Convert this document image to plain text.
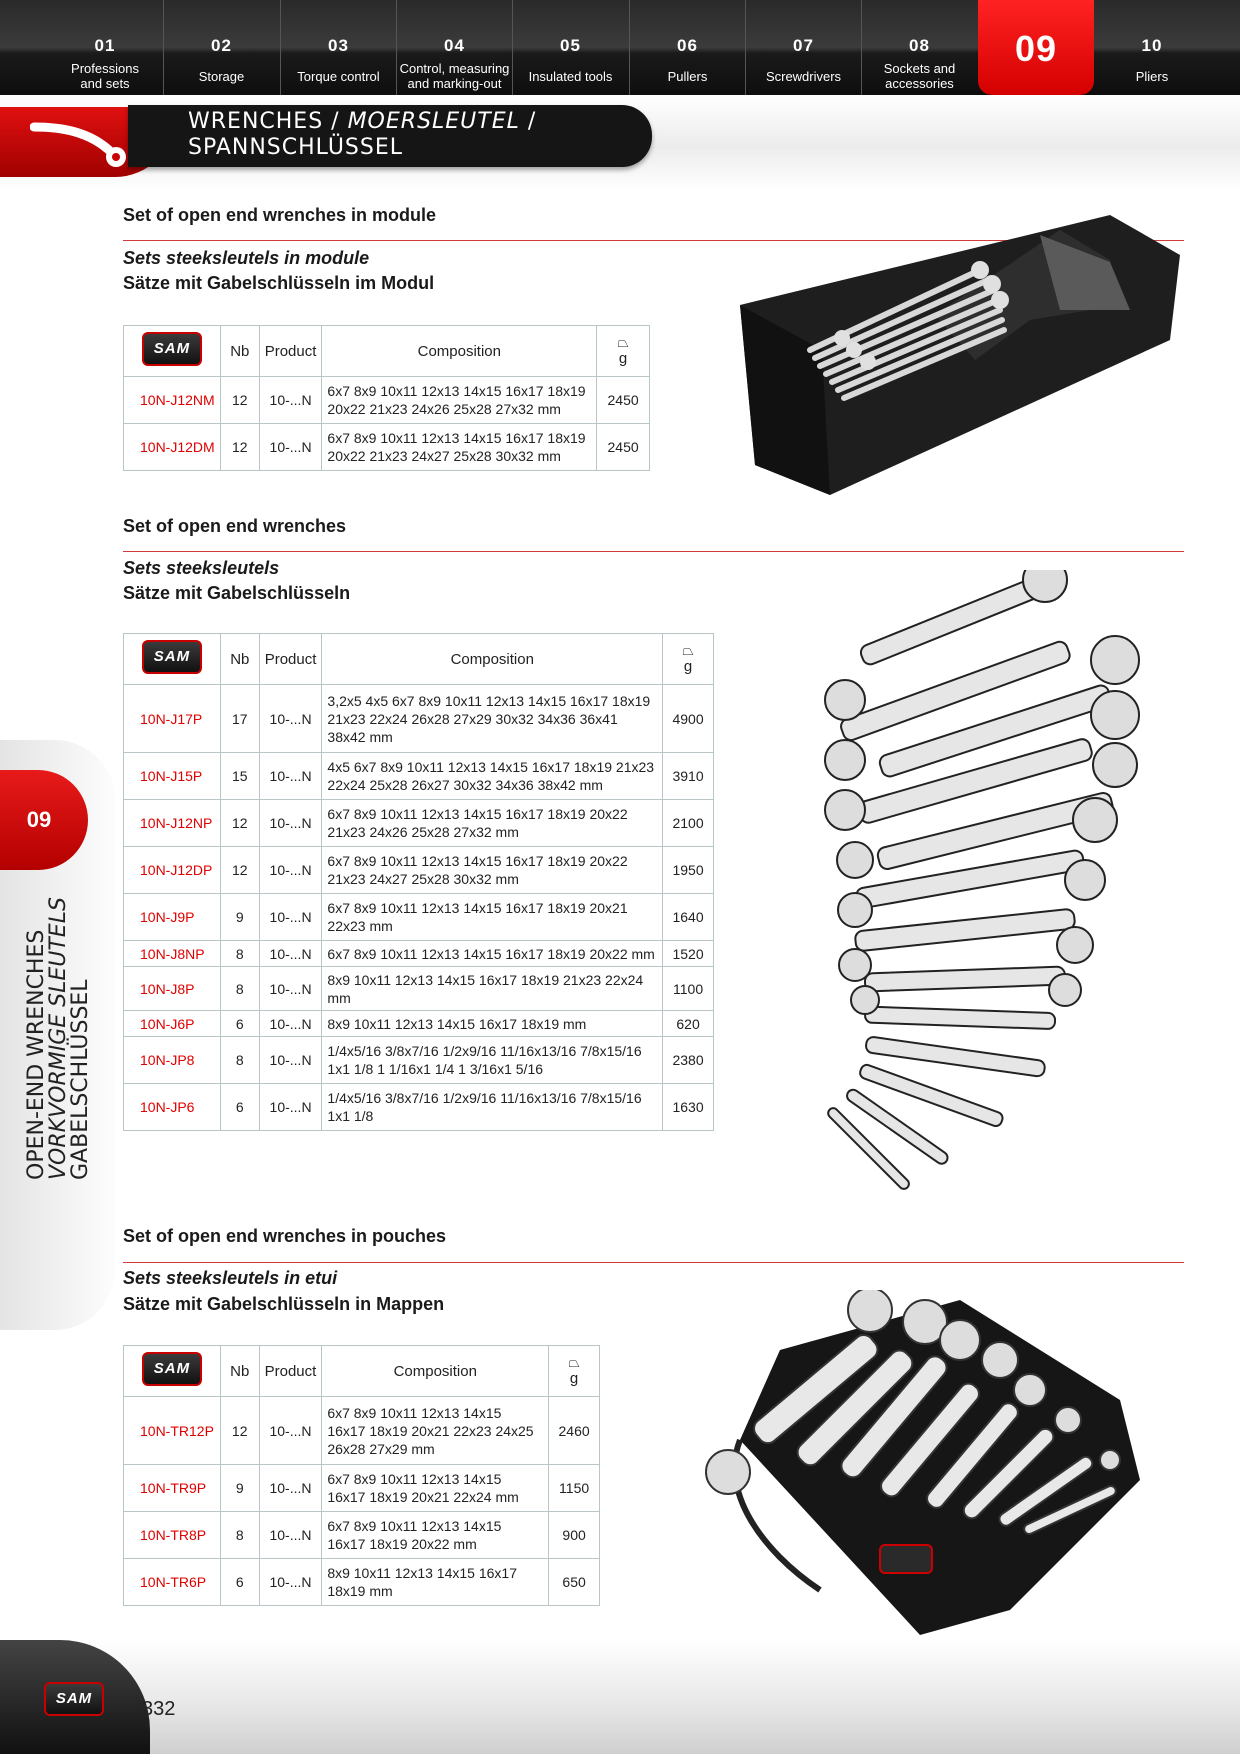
01
Professions
and sets
02
Storage
03
Torque control
04
Control, measuring
and marking-out
05
Insulated tools
06
Pullers
07
Screwdrivers
08
Sockets and
accessories
09	10
Pliers
WRENCHES / MOERSLEUTEL /
SPANNSCHLÜSSEL
09
OPEN-END WRENCHES
VORKVORMIGE SLEUTELS
GABELSCHLÜSSEL
Set of open end wrenches in module
Sets steeksleutels in module
Sätze mit Gabelschlüsseln im Modul
SAM	Nb	Product	Composition	⏢
g

10N-J12NM	12	10-...N	6x7 8x9 10x11 12x13 14x15 16x17 18x19 20x22 21x23 24x26 25x28 27x32 mm	2450
10N-J12DM	12	10-...N	6x7 8x9 10x11 12x13 14x15 16x17 18x19 20x22 21x23 24x27 25x28 30x32 mm	2450
Set of open end wrenches
Sets steeksleutels
Sätze mit Gabelschlüsseln
SAM	Nb	Product	Composition	⏢
g

10N-J17P	17	10-...N	3,2x5 4x5 6x7 8x9 10x11 12x13 14x15 16x17 18x19 21x23 22x24 26x28 27x29 30x32 34x36 36x41 38x42 mm	4900
10N-J15P	15	10-...N	4x5 6x7 8x9 10x11 12x13 14x15 16x17 18x19 21x23 22x24 25x28 26x27 30x32 34x36 38x42 mm	3910
10N-J12NP	12	10-...N	6x7 8x9 10x11 12x13 14x15 16x17 18x19 20x22 21x23 24x26 25x28 27x32 mm	2100
10N-J12DP	12	10-...N	6x7 8x9 10x11 12x13 14x15 16x17 18x19 20x22 21x23 24x27 25x28 30x32 mm	1950
10N-J9P	9	10-...N	6x7 8x9 10x11 12x13 14x15 16x17 18x19 20x21 22x23 mm	1640
10N-J8NP	8	10-...N	6x7 8x9 10x11 12x13 14x15 16x17 18x19 20x22 mm	1520
10N-J8P	8	10-...N	8x9 10x11 12x13 14x15 16x17 18x19 21x23 22x24 mm	1100
10N-J6P	6	10-...N	8x9 10x11 12x13 14x15 16x17 18x19 mm	620
10N-JP8	8	10-...N	1/4x5/16 3/8x7/16 1/2x9/16 11/16x13/16 7/8x15/16 1x1 1/8 1 1/16x1 1/4 1 3/16x1 5/16	2380
10N-JP6	6	10-...N	1/4x5/16 3/8x7/16 1/2x9/16 11/16x13/16 7/8x15/16 1x1 1/8	1630
Set of open end wrenches in pouches
Sets steeksleutels in etui
Sätze mit Gabelschlüsseln in Mappen
SAM	Nb	Product	Composition	⏢
g

10N-TR12P	12	10-...N	6x7 8x9 10x11 12x13 14x15 16x17 18x19 20x21 22x23 24x25 26x28 27x29 mm	2460
10N-TR9P	9	10-...N	6x7 8x9 10x11 12x13 14x15 16x17 18x19 20x21 22x24 mm	1150
10N-TR8P	8	10-...N	6x7 8x9 10x11 12x13 14x15 16x17 18x19 20x22 mm	900
10N-TR6P	6	10-...N	8x9 10x11 12x13 14x15 16x17 18x19 mm	650
SAM	332
